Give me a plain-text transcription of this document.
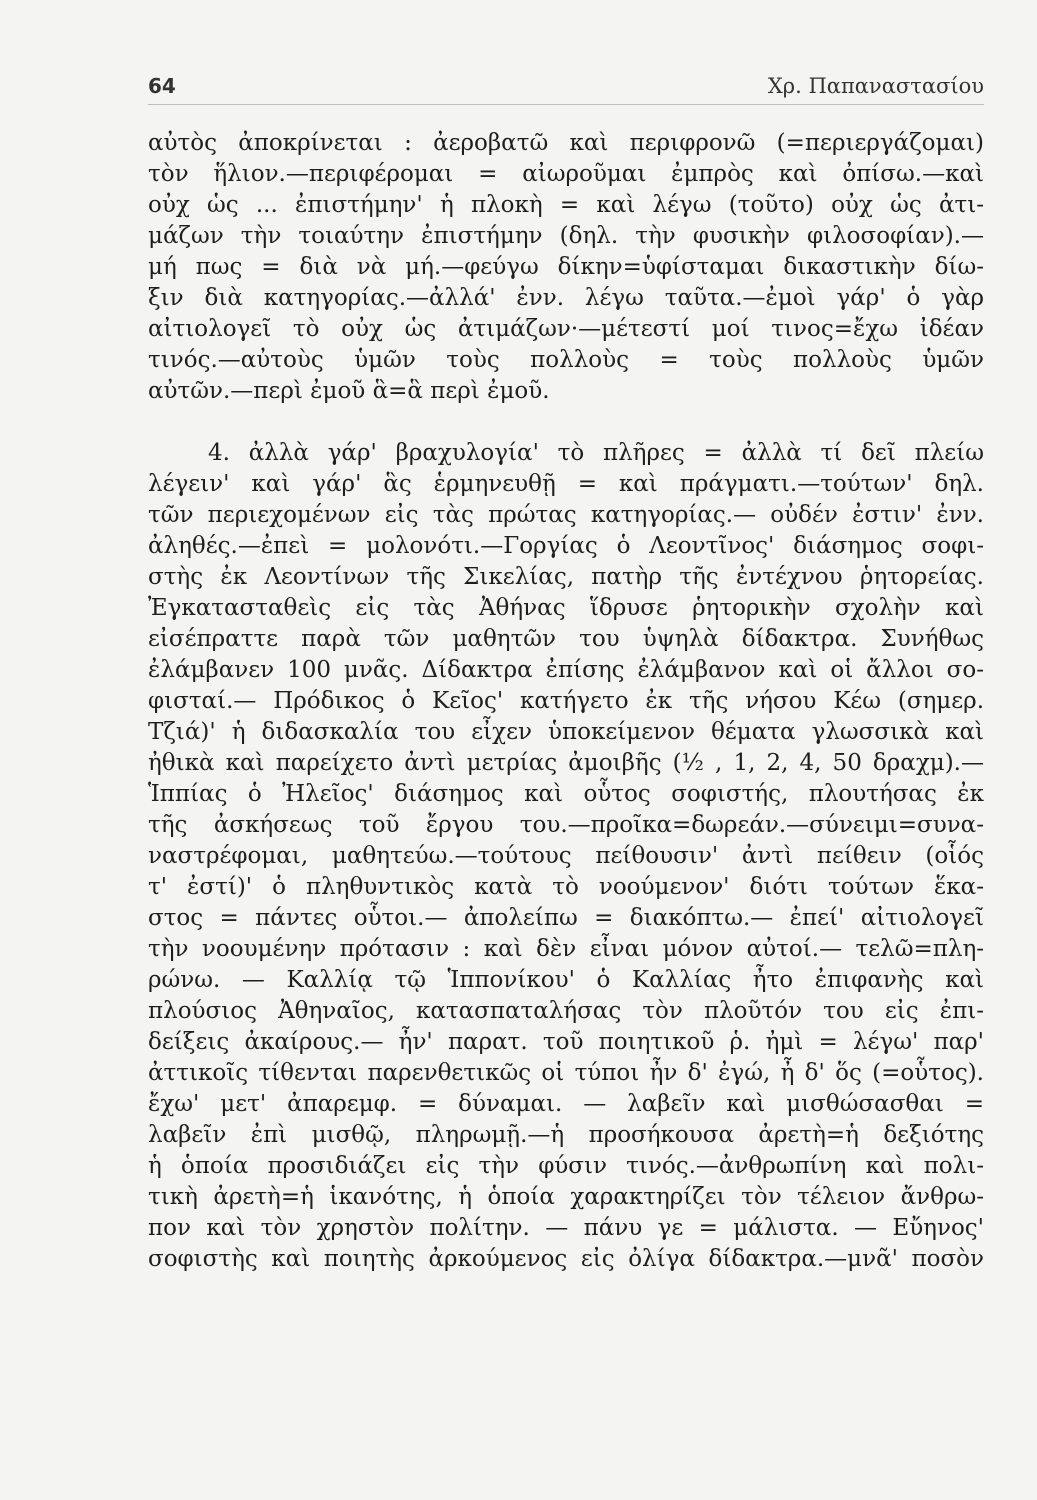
64	Χρ. Παπαναστασίου
αὐτὸς ἀποκρίνεται : ἀεροβατῶ καὶ περιφρονῶ (=περιεργάζομαι)
τὸν ἥλιον.—περιφέρομαι = αἰωροῦμαι ἐμπρὸς καὶ ὀπίσω.—καὶ
οὐχ ὡς ... ἐπιστήμην' ἡ πλοκὴ = καὶ λέγω (τοῦτο) οὐχ ὡς ἀτι-
μάζων τὴν τοιαύτην ἐπιστήμην (δηλ. τὴν φυσικὴν φιλοσοφίαν).—
μή πως = διὰ νὰ μή.—φεύγω δίκην=ὑφίσταμαι δικαστικὴν δίω-
ξιν διὰ κατηγορίας.—ἀλλά' ἐνν. λέγω ταῦτα.—ἐμοὶ γάρ' ὁ γὰρ
αἰτιολογεῖ τὸ οὐχ ὡς ἀτιμάζων·—μέτεστί μοί τινος=ἔχω ἰδέαν
τινός.—αὐτοὺς ὑμῶν τοὺς πολλοὺς = τοὺς πολλοὺς ὑμῶν
αὐτῶν.—περὶ ἐμοῦ ἃ=ἃ περὶ ἐμοῦ.
4. ἀλλὰ γάρ' βραχυλογία' τὸ πλῆρες = ἀλλὰ τί δεῖ πλείω
λέγειν' καὶ γάρ' ἃς ἑρμηνευθῇ = καὶ πράγματι.—τούτων' δηλ.
τῶν περιεχομένων εἰς τὰς πρώτας κατηγορίας.— οὐδέν ἐστιν' ἐνν.
ἀληθές.—ἐπεὶ = μολονότι.—Γοργίας ὁ Λεοντῖνος' διάσημος σοφι-
στὴς ἐκ Λεοντίνων τῆς Σικελίας, πατὴρ τῆς ἐντέχνου ῥητορείας.
Ἐγκατασταθεὶς εἰς τὰς Ἀθήνας ἵδρυσε ῥητορικὴν σχολὴν καὶ
εἰσέπραττε παρὰ τῶν μαθητῶν του ὑψηλὰ δίδακτρα. Συνήθως
ἐλάμβανεν 100 μνᾶς. Δίδακτρα ἐπίσης ἐλάμβανον καὶ οἱ ἄλλοι σο-
φισταί.— Πρόδικος ὁ Κεῖος' κατήγετο ἐκ τῆς νήσου Κέω (σημερ.
Τζιά)' ἡ διδασκαλία του εἶχεν ὑποκείμενον θέματα γλωσσικὰ καὶ
ἠθικὰ καὶ παρείχετο ἀντὶ μετρίας ἀμοιβῆς (½ , 1, 2, 4, 50 δραχμ).—
Ἱππίας ὁ Ἠλεῖος' διάσημος καὶ οὗτος σοφιστής, πλουτήσας ἐκ
τῆς ἀσκήσεως τοῦ ἔργου του.—προῖκα=δωρεάν.—σύνειμι=συνα-
ναστρέφομαι, μαθητεύω.—τούτους πείθουσιν' ἀντὶ πείθειν (οἷός
τ' ἐστί)' ὁ πληθυντικὸς κατὰ τὸ νοούμενον' διότι τούτων ἕκα-
στος = πάντες οὗτοι.— ἀπολείπω = διακόπτω.— ἐπεί' αἰτιολογεῖ
τὴν νοουμένην πρότασιν : καὶ δὲν εἶναι μόνον αὐτοί.— τελῶ=πλη-
ρώνω. — Καλλίᾳ τῷ Ἱππονίκου' ὁ Καλλίας ἦτο ἐπιφανὴς καὶ
πλούσιος Ἀθηναῖος, κατασπαταλήσας τὸν πλοῦτόν του εἰς ἐπι-
δείξεις ἀκαίρους.— ἦν' παρατ. τοῦ ποιητικοῦ ῥ. ἠμὶ = λέγω' παρ'
ἀττικοῖς τίθενται παρενθετικῶς οἱ τύποι ἦν δ' ἐγώ, ἦ δ' ὅς (=οὗτος).
ἔχω' μετ' ἀπαρεμφ. = δύναμαι. — λαβεῖν καὶ μισθώσασθαι =
λαβεῖν ἐπὶ μισθῷ, πληρωμῇ.—ἡ προσήκουσα ἀρετὴ=ἡ δεξιότης
ἡ ὁποία προσιδιάζει εἰς τὴν φύσιν τινός.—ἀνθρωπίνη καὶ πολι-
τικὴ ἀρετὴ=ἡ ἱκανότης, ἡ ὁποία χαρακτηρίζει τὸν τέλειον ἄνθρω-
πον καὶ τὸν χρηστὸν πολίτην. — πάνυ γε = μάλιστα. — Εὔηνος'
σοφιστὴς καὶ ποιητὴς ἀρκούμενος εἰς ὀλίγα δίδακτρα.—μνᾶ' ποσὸν
